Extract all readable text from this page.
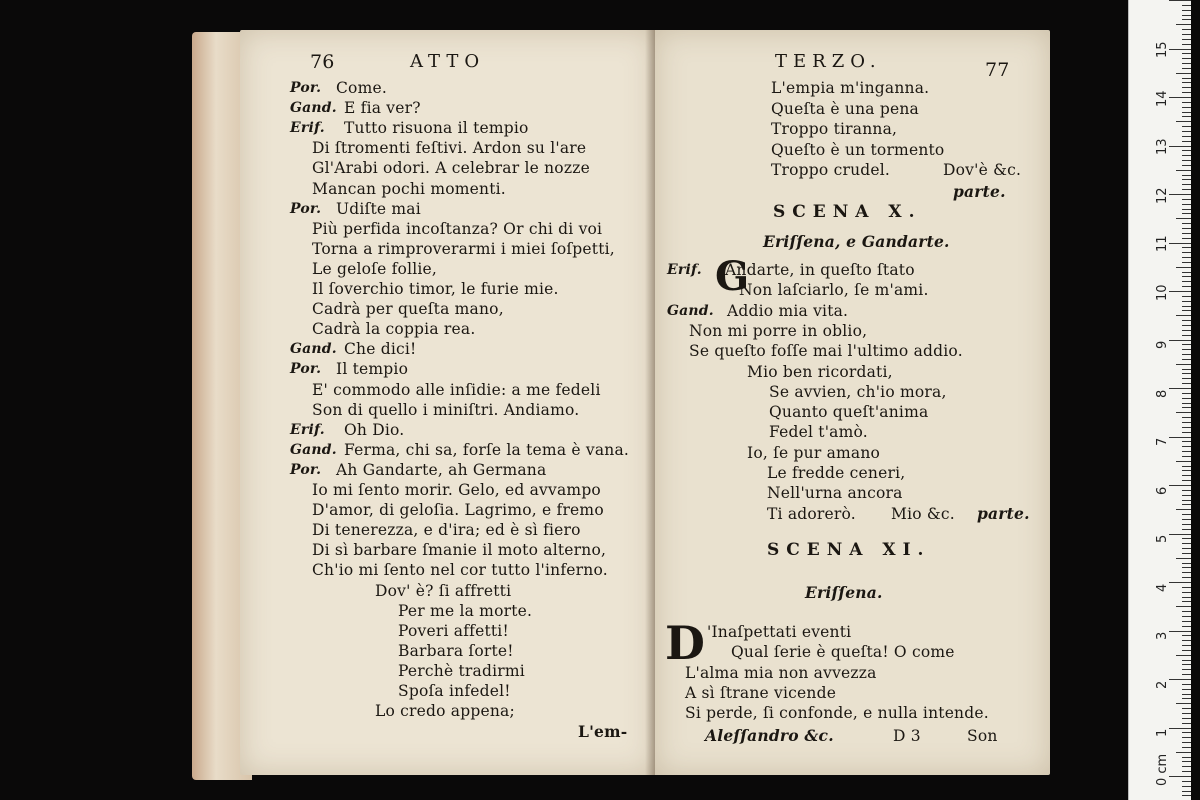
76	ATTO
Por. Come.
Gand. E fia ver?
Erif. Tutto risuona il tempio
Di ſtromenti feſtivi. Ardon su l'are
Gl'Arabi odori. A celebrar le nozze
Mancan pochi momenti.
Por. Udiſte mai
Più perfida incoſtanza? Or chi di voi
Torna a rimproverarmi i miei ſoſpetti,
Le geloſe follie,
Il ſoverchio timor, le furie mie.
Cadrà per queſta mano,
Cadrà la coppia rea.
Gand. Che dici!
Por. Il tempio
E' commodo alle inſidie: a me fedeli
Son di quello i miniſtri. Andiamo.
Erif. Oh Dio.
Gand. Ferma, chi sa, forſe la tema è vana.
Por. Ah Gandarte, ah Germana
Io mi ſento morir. Gelo, ed avvampo
D'amor, di geloſia. Lagrimo, e fremo
Di tenerezza, e d'ira; ed è sì fiero
Di sì barbare ſmanie il moto alterno,
Ch'io mi ſento nel cor tutto l'inferno.
Dov' è? ſi affretti
Per me la morte.
Poveri affetti!
Barbara ſorte!
Perchè tradirmi
Spoſa infedel!
Lo credo appena;
L'em-
TERZO.	77
L'empia m'inganna.
Queſta è una pena
Troppo tiranna,
Queſto è un tormento
Troppo crudel.	Dov'è &c.
parte.
SCENA X.
Eriſſena, e Gandarte.
Erif. G
Andarte, in queſto ſtato
Non laſciarlo, ſe m'ami.
Gand. Addio mia vita.
Non mi porre in oblio,
Se queſto foſſe mai l'ultimo addio.
Mio ben ricordati,
Se avvien, ch'io mora,
Quanto queſt'anima
Fedel t'amò.
Io, ſe pur amano
Le fredde ceneri,
Nell'urna ancora
Ti adorerò. Mio &c. parte.
SCENA XI.
Eriſſena.
D 'Inaſpettati eventi
Qual ſerie è queſta! O come
L'alma mia non avvezza
A sì ſtrane vicende
Si perde, ſi confonde, e nulla intende.
Aleſſandro &c.	D 3	Son
15
14
13
12
11
10
9
8
7
6
5
4
3
2
1
0 cm
